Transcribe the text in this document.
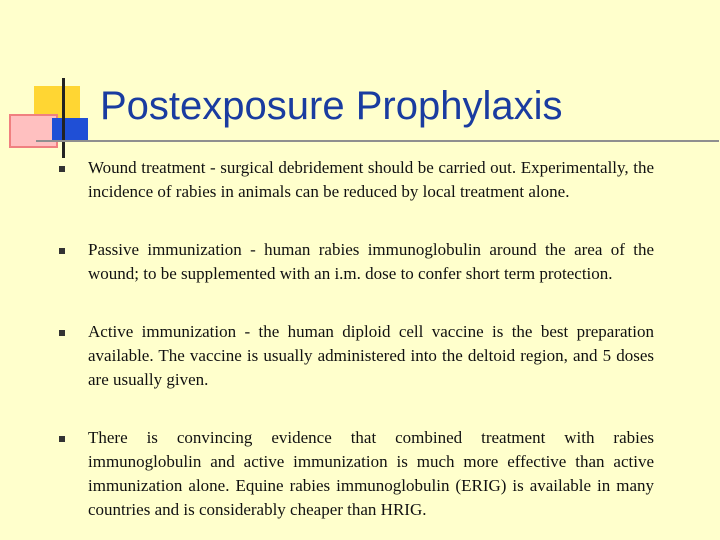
Postexposure Prophylaxis
Wound treatment - surgical debridement should be carried out. Experimentally, the incidence of rabies in animals can be reduced by local treatment alone.
Passive immunization - human rabies immunoglobulin around the area of the wound; to be supplemented with an i.m. dose to confer short term protection.
Active immunization - the human diploid cell vaccine is the best preparation available. The vaccine is usually administered into the deltoid region, and 5 doses are usually given.
There is convincing evidence that combined treatment with rabies immunoglobulin and active immunization is much more effective than active immunization alone. Equine rabies immunoglobulin (ERIG) is available in many countries and is considerably cheaper than HRIG.
